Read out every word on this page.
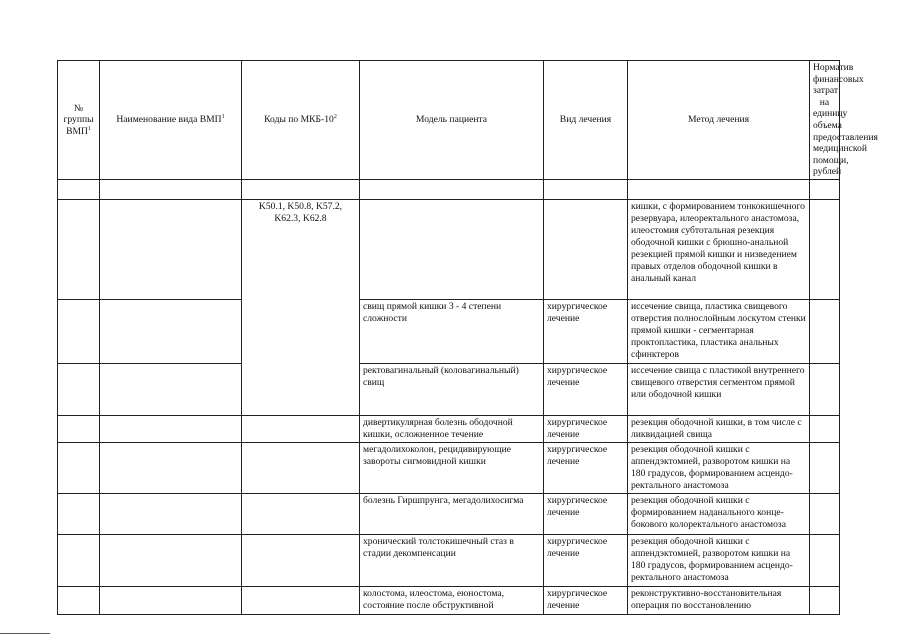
№ группы ВМП$^1$	Наименование вида ВМП$^1$	Коды по МКБ-$10^2$	Модель пациента	Вид лечения	Метод лечения	Норматив финансовых затрат на единицу объема предоставления медицинской помощи, рублей

		K50.1, K50.8, K57.2, K62.3, K62.8			кишки, с формированием тонкокишечного резервуара, илеоректального анастомоза, илеостомия субтотальная резекция ободочной кишки с брюшно-анальной резекцией прямой кишки и низведением правых отделов ободочной кишки в анальный канал	
			свищ прямой кишки 3 - 4 степени сложности	хирургическое лечение	иссечение свища, пластика свищевого отверстия полнослойным лоскутом стенки прямой кишки - сегментарная проктопластика, пластика анальных сфинктеров	
			ректовагинальный (коловагинальный) свищ	хирургическое лечение	иссечение свища с пластикой внутреннего свищевого отверстия сегментом прямой или ободочной кишки	
			дивертикулярная болезнь ободочной кишки, осложненное течение	хирургическое лечение	резекция ободочной кишки, в том числе с ликвидацией свища	
			мегадолихоколон, рецидивирующие завороты сигмовидной кишки	хирургическое лечение	резекция ободочной кишки с аппендэктомией, разворотом кишки на 180 градусов, формированием асцендо-ректального анастомоза	
			болезнь Гиршпрунга, мегадолихосигма	хирургическое лечение	резекция ободочной кишки с формированием наданального конце-бокового колоректального анастомоза	
			хронический толстокишечный стаз в стадии декомпенсации	хирургическое лечение	резекция ободочной кишки с аппендэктомией, разворотом кишки на 180 градусов, формированием асцендо-ректального анастомоза	
			колостома, илеостома, еюностома, состояние после обструктивной	хирургическое лечение	реконструктивно-восстановительная операция по восстановлению	
